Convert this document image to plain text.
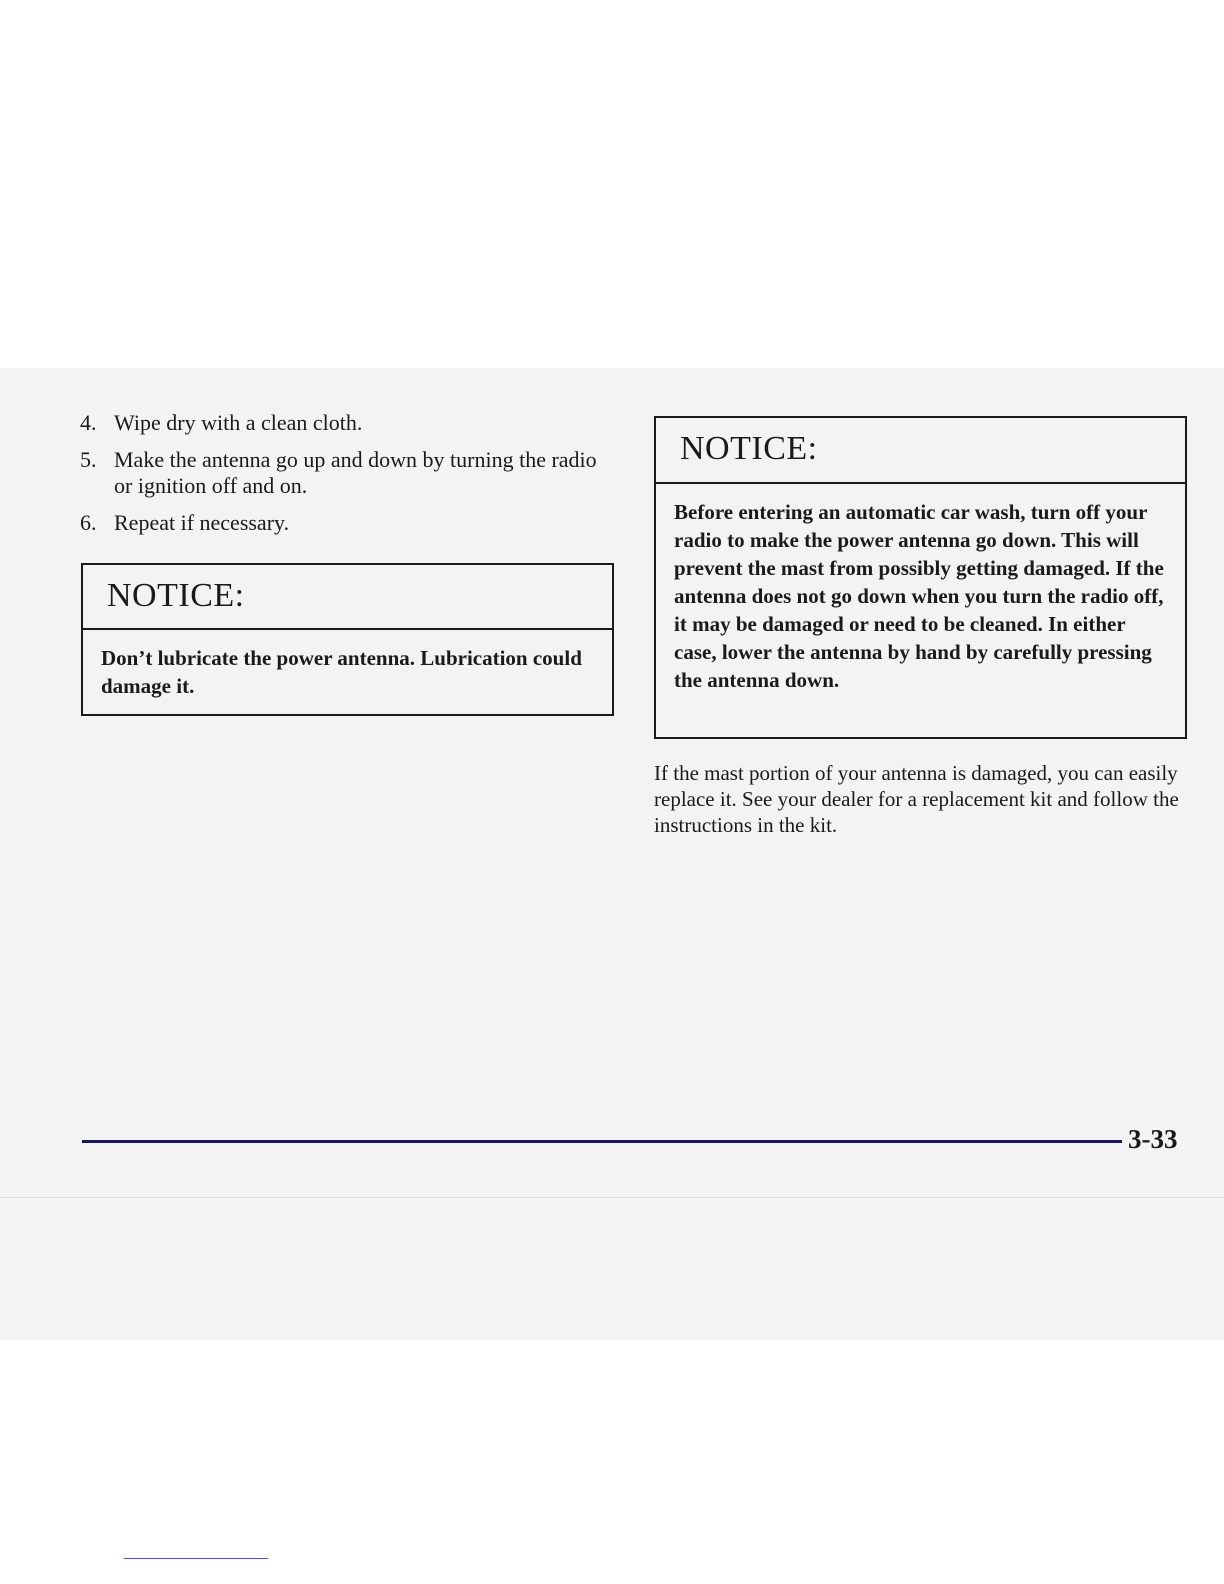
4. Wipe dry with a clean cloth.
5. Make the antenna go up and down by turning the radio or ignition off and on.
6. Repeat if necessary.
NOTICE:
Don’t lubricate the power antenna. Lubrication could damage it.
NOTICE:
Before entering an automatic car wash, turn off your radio to make the power antenna go down. This will prevent the mast from possibly getting damaged. If the antenna does not go down when you turn the radio off, it may be damaged or need to be cleaned. In either case, lower the antenna by hand by carefully pressing the antenna down.

If the mast portion of your antenna is damaged, you can easily replace it. See your dealer for a replacement kit and follow the instructions in the kit.

3-33
